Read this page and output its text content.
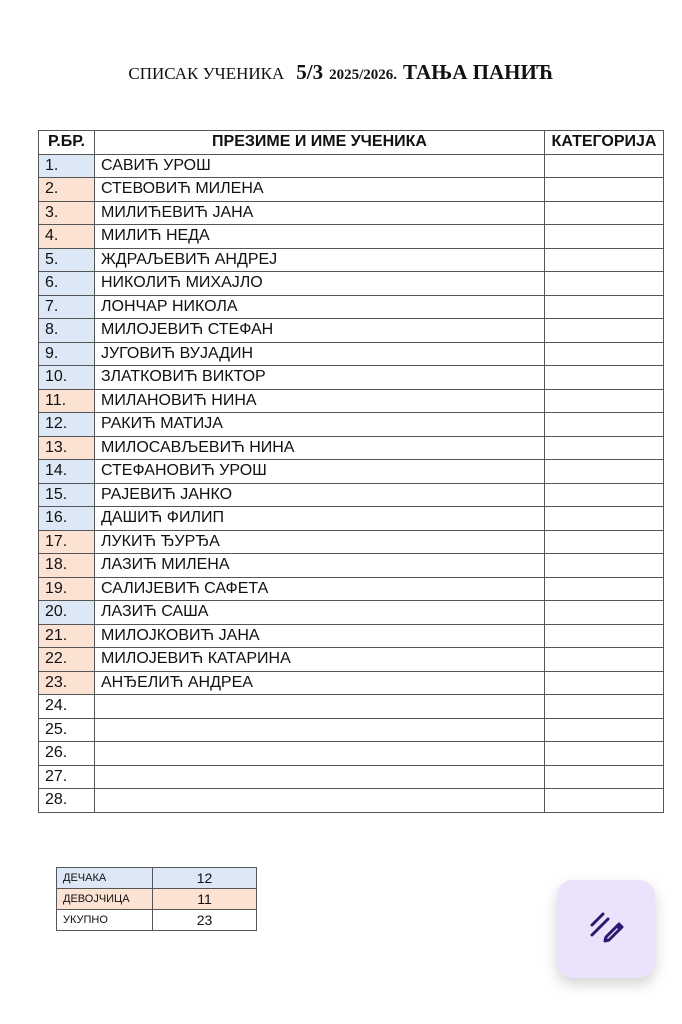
СПИСАК УЧЕНИКА 5/3 2025/2026. ТАЊА ПАНИЋ
Р.БР.	ПРЕЗИМЕ И ИМЕ УЧЕНИКА	КАТЕГОРИЈА
1.	САВИЋ УРОШ	
2.	СТЕВОВИЋ МИЛЕНА	
3.	МИЛИЋЕВИЋ ЈАНА	
4.	МИЛИЋ НЕДА	
5.	ЖДРАЉЕВИЋ АНДРЕЈ	
6.	НИКОЛИЋ МИХАЈЛО	
7.	ЛОНЧАР НИКОЛА	
8.	МИЛОЈЕВИЋ СТЕФАН	
9.	ЈУГОВИЋ ВУЈАДИН	
10.	ЗЛАТКОВИЋ ВИКТОР	
11.	МИЛАНОВИЋ НИНА	
12.	РАКИЋ МАТИЈА	
13.	МИЛОСАВЉЕВИЋ НИНА	
14.	СТЕФАНОВИЋ УРОШ	
15.	РАЈЕВИЋ ЈАНКО	
16.	ДАШИЋ ФИЛИП	
17.	ЛУКИЋ ЂУРЂА	
18.	ЛАЗИЋ МИЛЕНА	
19.	САЛИЈЕВИЋ САФЕТА	
20.	ЛАЗИЋ САША	
21.	МИЛОЈКОВИЋ ЈАНА	
22.	МИЛОЈЕВИЋ КАТАРИНА	
23.	АНЂЕЛИЋ АНДРЕА	
24.		
25.		
26.		
27.		
28.		
ДЕЧАКА	12
ДЕВОЈЧИЦА	11
УКУПНО	23
